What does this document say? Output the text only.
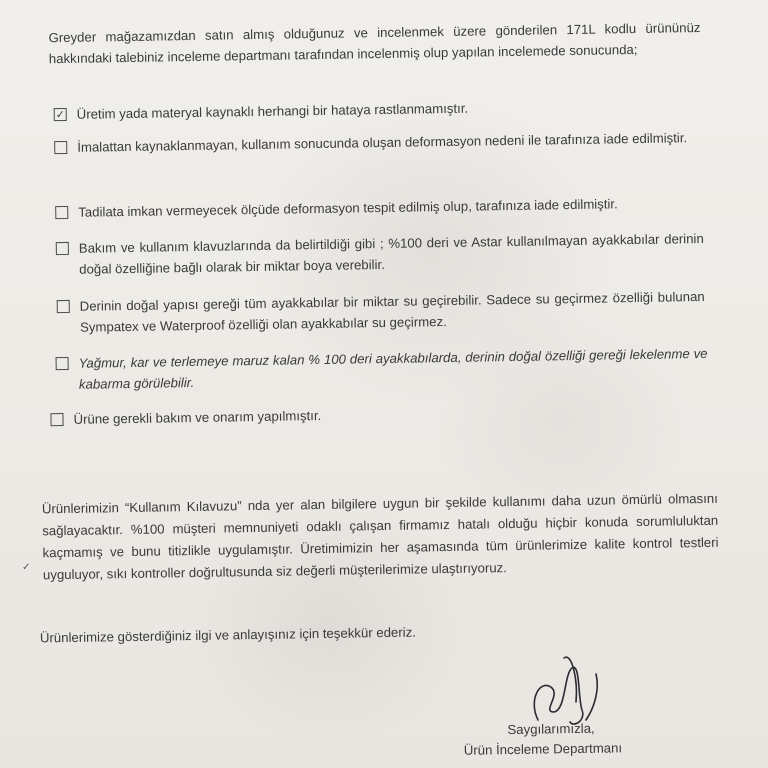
Greyder mağazamızdan satın almış olduğunuz ve incelenmek üzere gönderilen 171L kodlu ürününüz hakkındaki talebiniz inceleme departmanı tarafından incelenmiş olup yapılan incelemede sonucunda;
✓
Üretim yada materyal kaynaklı herhangi bir hataya rastlanmamıştır.
İmalattan kaynaklanmayan, kullanım sonucunda oluşan deformasyon nedeni ile tarafınıza iade edilmiştir.
Tadilata imkan vermeyecek ölçüde deformasyon tespit edilmiş olup, tarafınıza iade edilmiştir.
Bakım ve kullanım klavuzlarında da belirtildiği gibi ; %100 deri ve Astar kullanılmayan ayakkabılar derinin doğal özelliğine bağlı olarak bir miktar boya verebilir.
Derinin doğal yapısı gereği tüm ayakkabılar bir miktar su geçirebilir. Sadece su geçirmez özelliği bulunan Sympatex ve Waterproof özelliği olan ayakkabılar su geçirmez.
Yağmur, kar ve terlemeye maruz kalan % 100 deri ayakkabılarda, derinin doğal özelliği gereği lekelenme ve kabarma görülebilir.
Ürüne gerekli bakım ve onarım yapılmıştır.
Ürünlerimizin “Kullanım Kılavuzu” nda yer alan bilgilere uygun bir şekilde kullanımı daha uzun ömürlü olmasını sağlayacaktır. %100 müşteri memnuniyeti odaklı çalışan firmamız hatalı olduğu hiçbir konuda sorumluluktan kaçmamış ve bunu titizlikle uygulamıştır. Üretimimizin her aşamasında tüm ürünlerimize kalite kontrol testleri uyguluyor, sıkı kontroller doğrultusunda siz değerli müşterilerimize ulaştırıyoruz.
Ürünlerimize gösterdiğiniz ilgi ve anlayışınız için teşekkür ederiz.
Saygılarımızla,
Ürün İnceleme Departmanı
✓
